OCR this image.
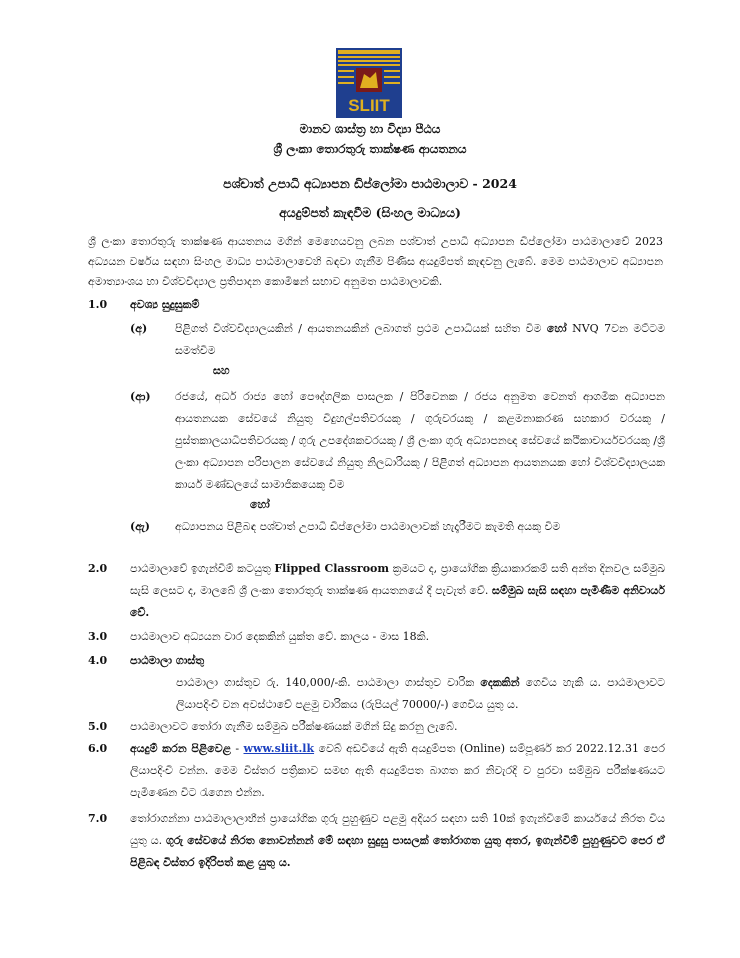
SLIIT
මානව ශාස්ත්‍ර හා විද්‍යා පීඨය
ශ්‍රී ලංකා තොරතුරු තාක්ෂණ ආයතනය
පශ්චාත් උපාධි අධ්‍යාපන ඩිප්ලෝමා පාඨමාලාව - 2024
අයදුම්පත් කැඳවීම (සිංහල මාධ්‍යය)
ශ්‍රී ලංකා තොරතුරු තාක්ෂණ ආයතනය මගින් මෙහෙයවනු ලබන පශ්චාත් උපාධි අධ්‍යාපන ඩිප්ලෝමා පාඨමාලාවේ 2023 අධ්‍යයන වර්ෂය සඳහා සිංහල මාධ්‍ය පාඨමාලාවෙහි බඳවා ගැනීම පිණිස අයදුම්පත් කැඳවනු ලැබේ. මෙම පාඨමාලාව අධ්‍යාපන අමාත්‍යාංශය හා විශ්වවිද්‍යාල ප්‍රතිපාදන කොමිෂන් සභාව අනුමත පාඨමාලාවකි.
1.0 අවශ්‍ය සුදුසුකම්
(අ)	පිළිගත් විශ්වවිද්‍යාලයකින් / ආයතනයකින් ලබාගත් ප්‍රථම උපාධියක් සහිත වීම හෝ NVQ 7වන මට්ටම සමත්වීම
සහ
(ආ) රජයේ, අර්ධ රාජ්‍ය හෝ පෞද්ගලික පාසලක / පිරිවෙනක / රජය අනුමත වෙනත් ආගමික අධ්‍යාපන ආයතනයක සේවයේ නියුතු විදුහල්පතිවරයකු / ගුරුවරයකු / කළමනාකරණ සහකාර වරයකු / පුස්තකාලයාධිපතිවරයකු / ගුරු උපදේශකවරයකු / ශ්‍රී ලංකා ගුරු අධ්‍යාපනඥ සේවයේ කථිකාචාර්යවරයකු /ශ්‍රී ලංකා අධ්‍යාපන පරිපාලන සේවයේ නියුතු නිලධාරියකු / පිළිගත් අධ්‍යාපන ආයතනයක හෝ විශ්වවිද්‍යාලයක කාර්ය මණ්ඩලයේ සාමාජිකයෙකු වීම
හෝ
(ඇ) අධ්‍යාපනය පිළිබඳ පශ්චාත් උපාධි ඩිප්ලෝමා පාඨමාලාවක් හැදෑරීමට කැමති අයකු වීම
2.0 පාඨමාලාවේ ඉගැන්වීම් කටයුතු Flipped Classroom ක්‍රමයට ද, ප්‍රායෝගික ක්‍රියාකාරකම් සති අන්ත දිනවල සම්මුඛ සැසි ලෙසට ද, මාලබේ ශ්‍රී ලංකා තොරතුරු තාක්ෂණ ආයතනයේ දී පැවැත් වේ. සම්මුඛ සැසි සඳහා පැමිණීම අනිවාර්ය වේ.
3.0 පාඨමාලාව අධ්‍යයන වාර දෙකකින් යුක්ත වේ. කාලය - මාස 18කි.
4.0 පාඨමාලා ගාස්තු
පාඨමාලා ගාස්තුව රු. 140,000/-කි. පාඨමාලා ගාස්තුව වාරික දෙකකින් ගෙවිය හැකි ය. පාඨමාලාවට ලියාපදිංචි වන අවස්ථාවේ පළමු වාරිකය (රුපියල් 70000/-) ගෙවිය යුතු ය.
5.0 පාඨමාලාවට තෝරා ගැනීම සම්මුඛ පරීක්ෂණයක් මගින් සිදු කරනු ලැබේ.
6.0 අයදුම් කරන පිළිවෙළ - www.sliit.lk වෙබ් අඩවියේ ඇති අයදුම්පත (Online) සම්පූර්ණ කර 2022.12.31 පෙර ලියාපදිංචි වන්න. මෙම විස්තර පත්‍රිකාව සමඟ ඇති අයදුම්පත බාගත කර නිවැරදි ව පුරවා සම්මුඛ පරීක්ෂණයට පැමිණෙන විට රැගෙන එන්න.
7.0 තෝරාගන්නා පාඨමාලාලාභීන් ප්‍රායෝගික ගුරු පුහුණුව පළමු අදියර සඳහා සති 10ක් ඉගැන්වීමේ කාර්යයේ නිරත විය යුතු ය. ගුරු සේවයේ නිරත නොවන්නන් මේ සඳහා සුදුසු පාසලක් තෝරාගත යුතු අතර, ඉගැන්වීම් පුහුණුවට පෙර ඒ පිළිබඳ විස්තර ඉදිරිපත් කළ යුතු ය.
